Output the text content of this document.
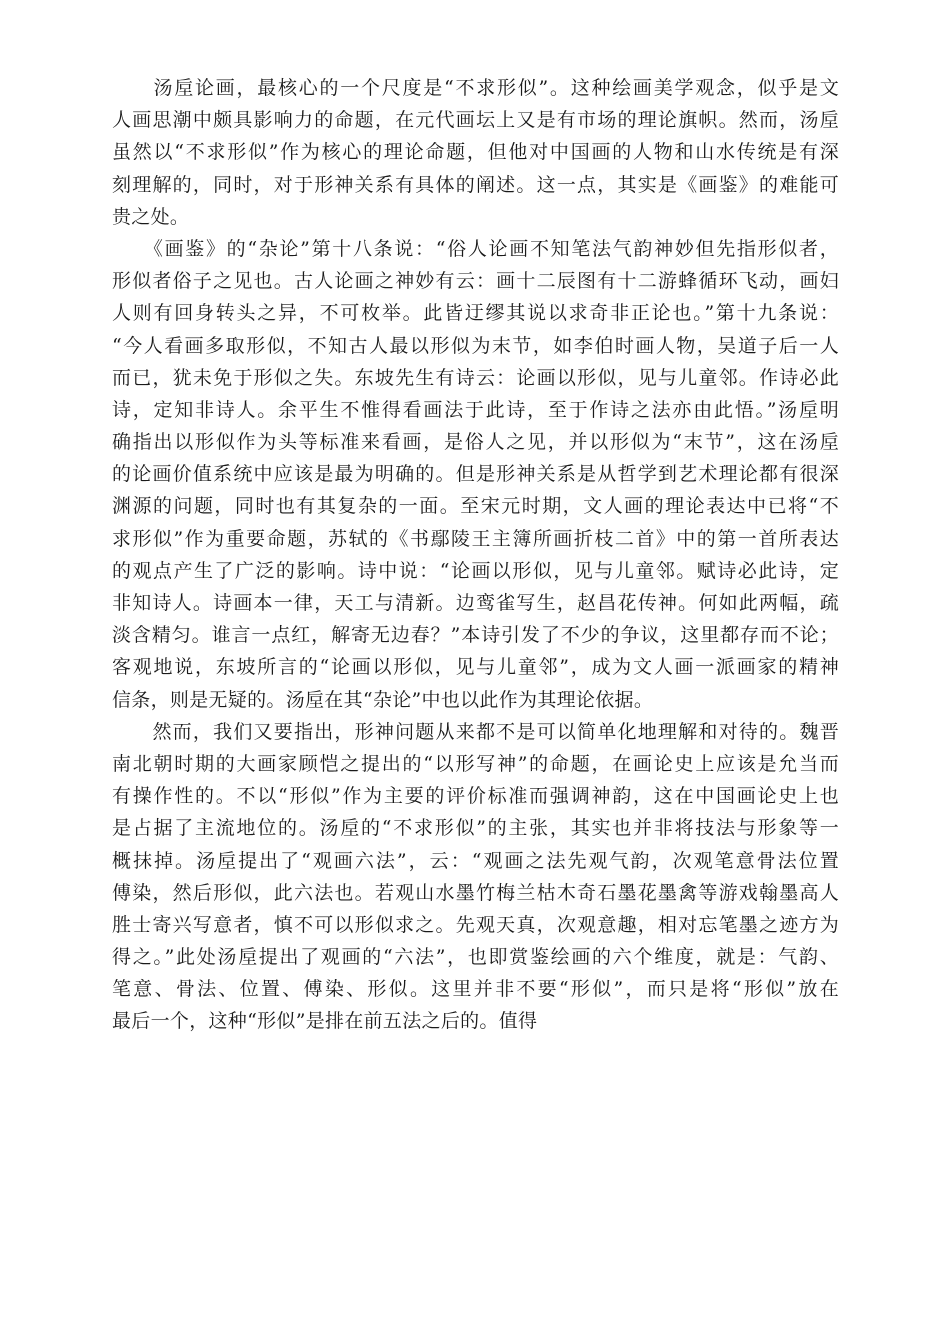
　　汤垕论画，最核心的一个尺度是“不求形似”。这种绘画美学观念，似乎是文
人画思潮中颇具影响力的命题，在元代画坛上又是有市场的理论旗帜。然而，汤垕
虽然以“不求形似”作为核心的理论命题，但他对中国画的人物和山水传统是有深
刻理解的，同时，对于形神关系有具体的阐述。这一点，其实是《画鉴》的难能可
贵之处。
　　《画鉴》的“杂论”第十八条说：“俗人论画不知笔法气韵神妙但先指形似者，
形似者俗子之见也。古人论画之神妙有云：画十二辰图有十二游蜂循环飞动，画妇
人则有回身转头之异，不可枚举。此皆迂缪其说以求奇非正论也。”第十九条说：
“今人看画多取形似，不知古人最以形似为末节，如李伯时画人物，吴道子后一人
而已，犹未免于形似之失。东坡先生有诗云：论画以形似，见与儿童邻。作诗必此
诗，定知非诗人。余平生不惟得看画法于此诗，至于作诗之法亦由此悟。”汤垕明
确指出以形似作为头等标准来看画，是俗人之见，并以形似为“末节”，这在汤垕
的论画价值系统中应该是最为明确的。但是形神关系是从哲学到艺术理论都有很深
渊源的问题，同时也有其复杂的一面。至宋元时期，文人画的理论表达中已将“不
求形似”作为重要命题，苏轼的《书鄢陵王主簿所画折枝二首》中的第一首所表达
的观点产生了广泛的影响。诗中说：“论画以形似，见与儿童邻。赋诗必此诗，定
非知诗人。诗画本一律，天工与清新。边鸾雀写生，赵昌花传神。何如此两幅，疏
淡含精匀。谁言一点红，解寄无边春？”本诗引发了不少的争议，这里都存而不论；
客观地说，东坡所言的“论画以形似，见与儿童邻”，成为文人画一派画家的精神
信条，则是无疑的。汤垕在其“杂论”中也以此作为其理论依据。
　　然而，我们又要指出，形神问题从来都不是可以简单化地理解和对待的。魏晋
南北朝时期的大画家顾恺之提出的“以形写神”的命题，在画论史上应该是允当而
有操作性的。不以“形似”作为主要的评价标准而强调神韵，这在中国画论史上也
是占据了主流地位的。汤垕的“不求形似”的主张，其实也并非将技法与形象等一
概抹掉。汤垕提出了“观画六法”，云：“观画之法先观气韵，次观笔意骨法位置
傅染，然后形似，此六法也。若观山水墨竹梅兰枯木奇石墨花墨禽等游戏翰墨高人
胜士寄兴写意者，慎不可以形似求之。先观天真，次观意趣，相对忘笔墨之迹方为
得之。”此处汤垕提出了观画的“六法”，也即赏鉴绘画的六个维度，就是：气韵、
笔意、骨法、位置、傅染、形似。这里并非不要“形似”，而只是将“形似”放在
最后一个，这种“形似”是排在前五法之后的。值得
